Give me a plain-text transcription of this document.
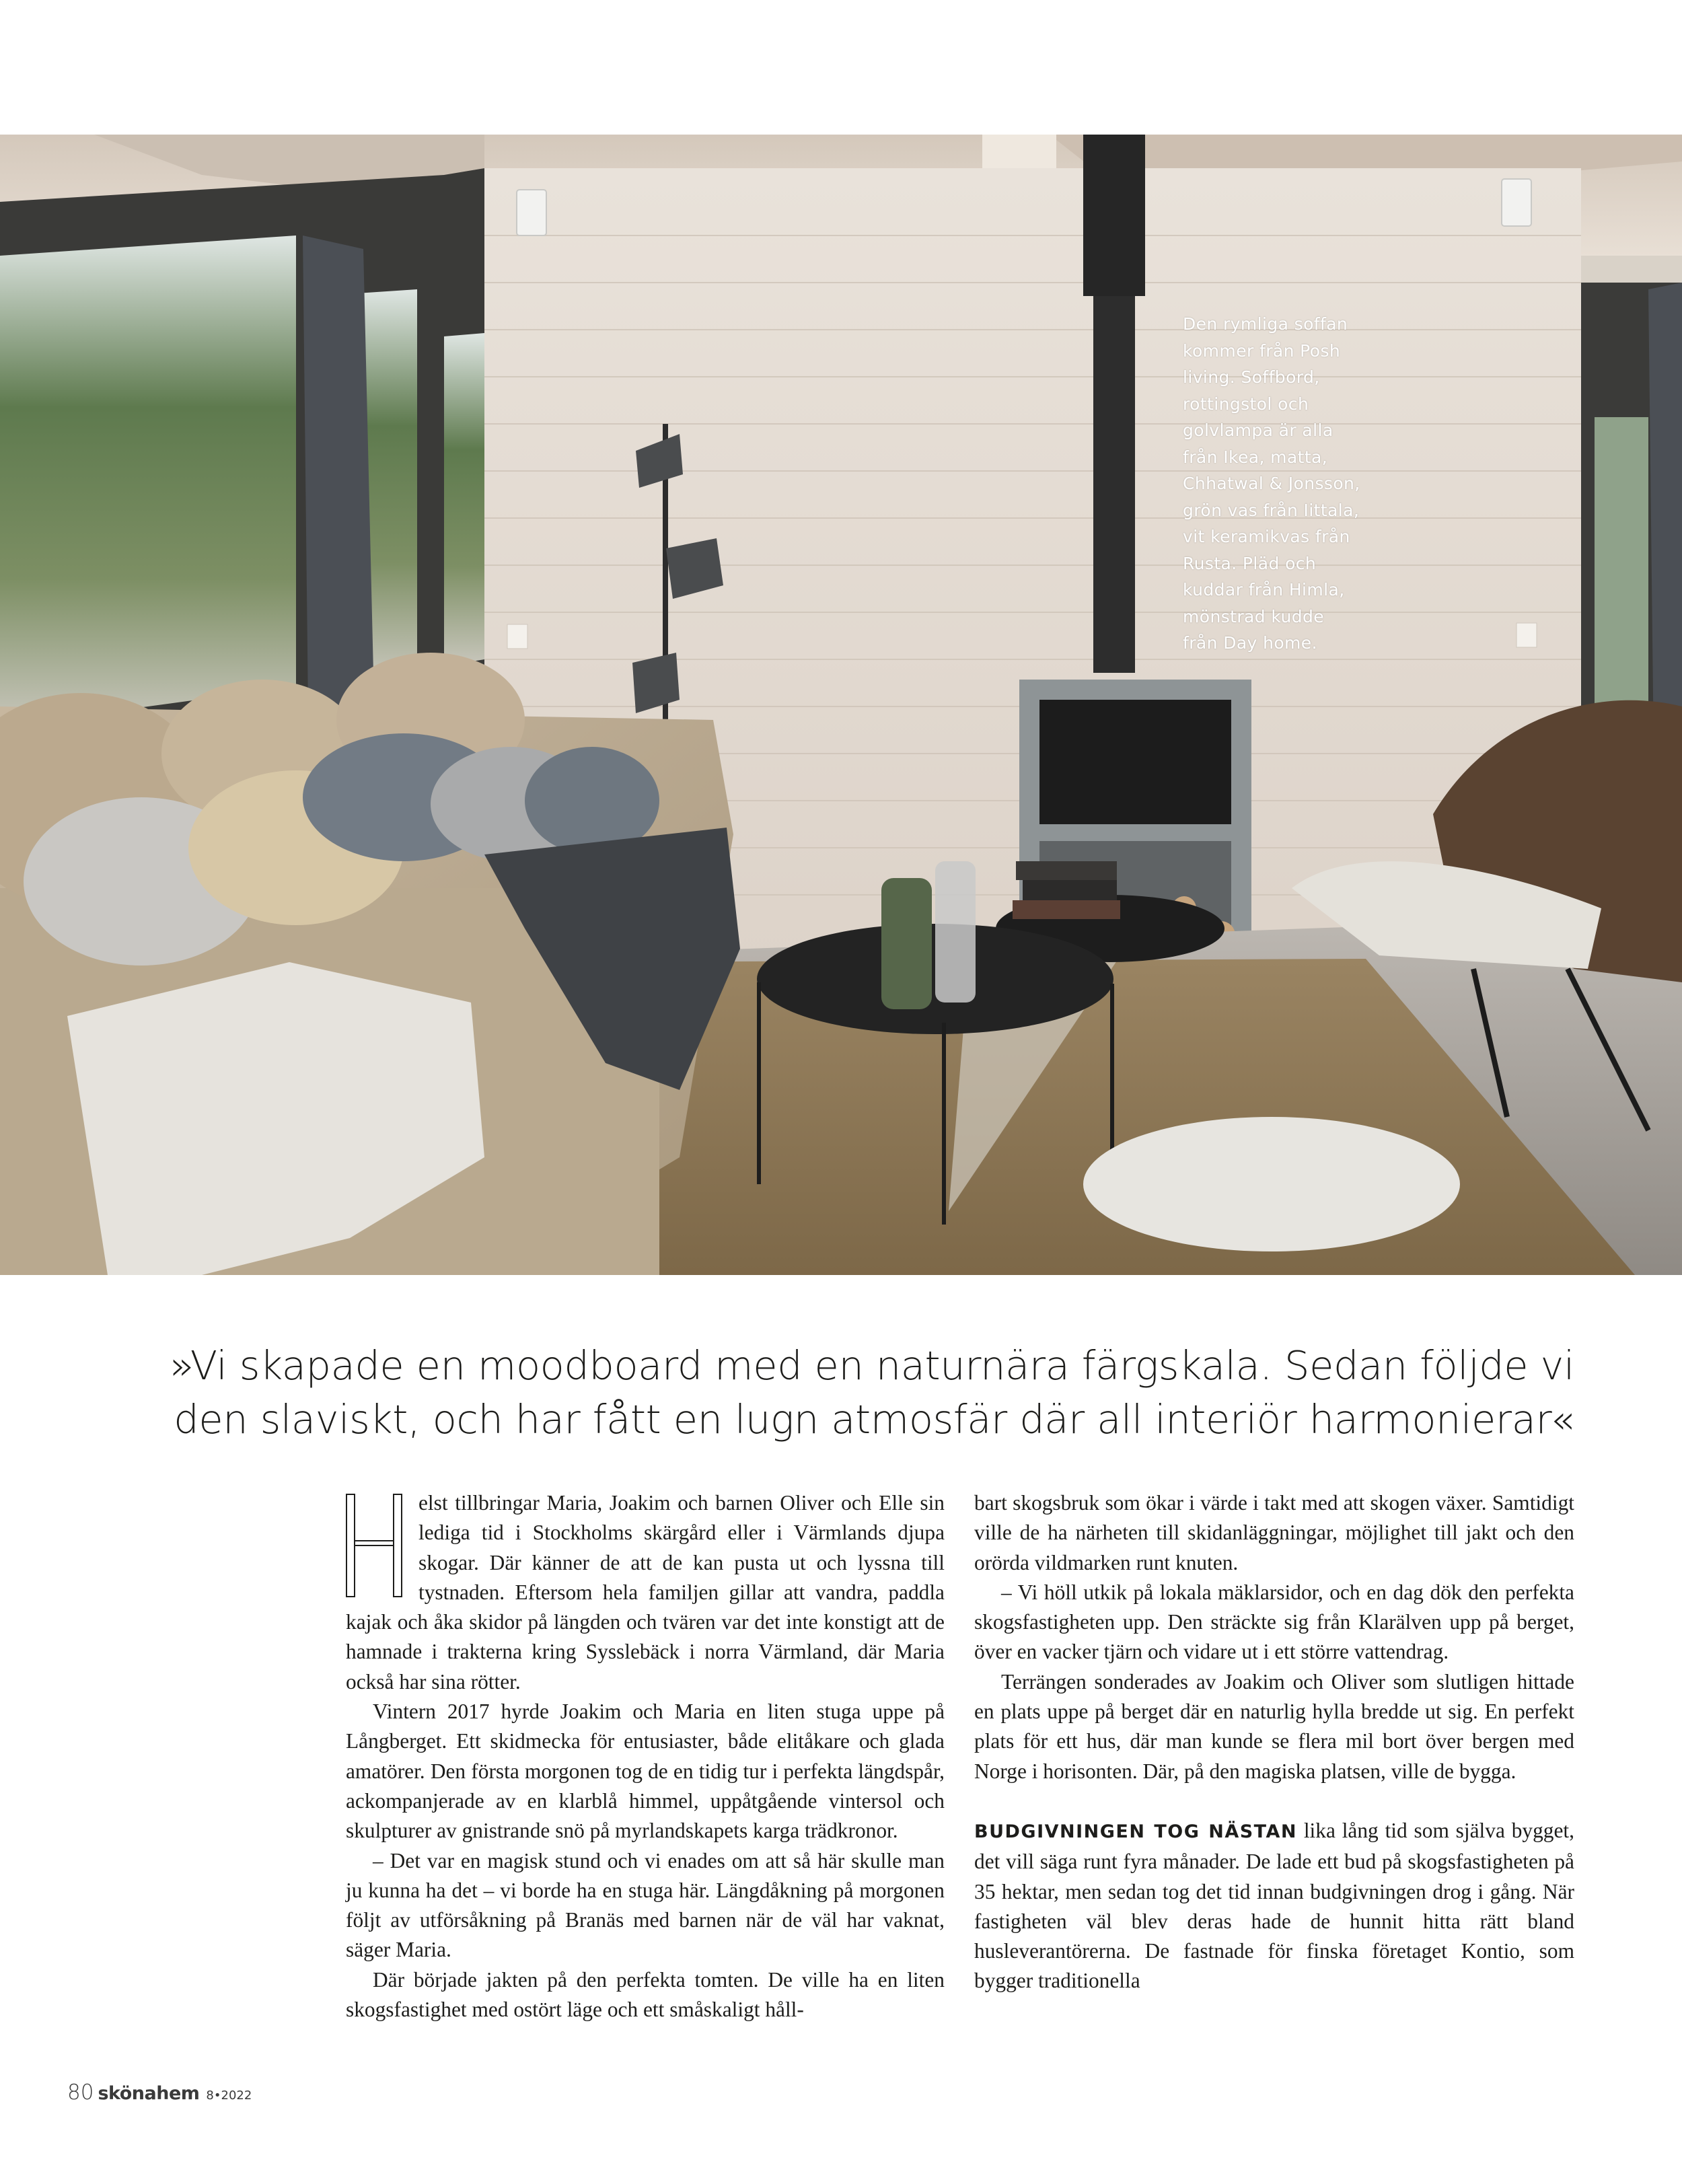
Den rymliga soffan
kommer från Posh
living. Soffbord,
rottingstol och
golvlampa är alla
från Ikea, matta,
Chhatwal & Jonsson,
grön vas från Iittala,
vit keramikvas från
Rusta. Pläd och
kuddar från Himla,
mönstrad kudde
från Day home.
»Vi skapade en moodboard med en naturnära färgskala. Sedan följde vi
den slaviskt, och har fått en lugn atmosfär där all interiör harmonierar«

elst tillbringar Maria, Joakim och barnen Oliver och Elle sin lediga tid i Stockholms skärgård eller i Värmlands djupa skogar. Där känner de att de kan pusta ut och lyssna till tystnaden. Eftersom hela familjen gillar att vandra, paddla kajak och åka skidor på längden och tvären var det inte konstigt att de hamnade i trakterna kring Sysslebäck i norra Värmland, där Maria också har sina rötter.

Vintern 2017 hyrde Joakim och Maria en liten stuga uppe på Långberget. Ett skidmecka för entusiaster, både elitåkare och glada amatörer. Den första morgonen tog de en tidig tur i perfekta längdspår, ackompanjerade av en klarblå himmel, uppåtgående vintersol och skulpturer av gnistrande snö på myrlandskapets karga trädkronor.

– Det var en magisk stund och vi enades om att så här skulle man ju kunna ha det – vi borde ha en stuga här. Längdåkning på morgonen följt av utförsåkning på Branäs med barnen när de väl har vaknat, säger Maria.

Där började jakten på den perfekta tomten. De ville ha en liten skogsfastighet med ostört läge och ett småskaligt håll-

bart skogsbruk som ökar i värde i takt med att skogen växer. Samtidigt ville de ha närheten till skidanläggningar, möjlighet till jakt och den orörda vildmarken runt knuten.

– Vi höll utkik på lokala mäklarsidor, och en dag dök den perfekta skogsfastigheten upp. Den sträckte sig från Klarälven upp på berget, över en vacker tjärn och vidare ut i ett större vattendrag.

Terrängen sonderades av Joakim och Oliver som slutligen hittade en plats uppe på berget där en naturlig hylla bredde ut sig. En perfekt plats för ett hus, där man kunde se flera mil bort över bergen med Norge i horisonten. Där, på den magiska platsen, ville de bygga.

BUDGIVNINGEN TOG NÄSTAN lika lång tid som själva bygget, det vill säga runt fyra månader. De lade ett bud på skogsfastigheten på 35 hektar, men sedan tog det tid innan budgivningen drog i gång. När fastigheten väl blev deras hade de hunnit hitta rätt bland husleverantörerna. De fastnade för finska företaget Kontio, som bygger traditionella

80 skönahem 8•2022
